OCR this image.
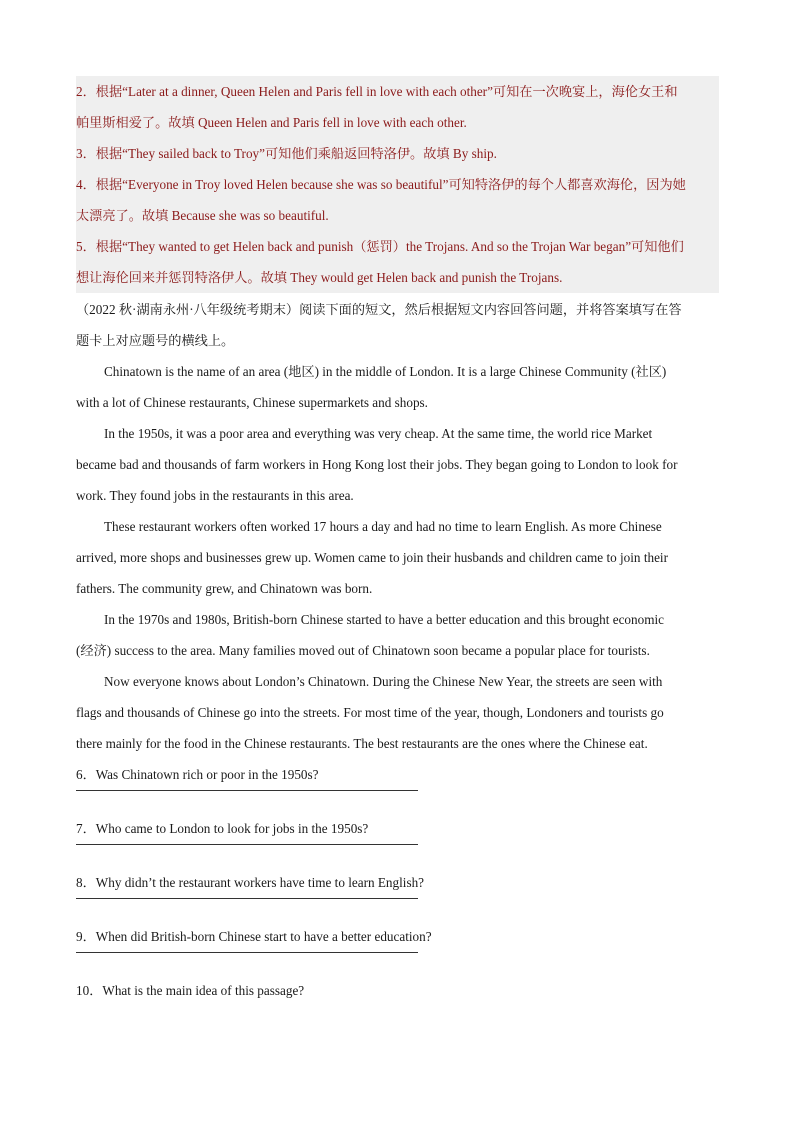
2．根据“Later at a dinner, Queen Helen and Paris fell in love with each other”可知在一次晚宴上，海伦女王和
帕里斯相爱了。故填 Queen Helen and Paris fell in love with each other.
3．根据“They sailed back to Troy”可知他们乘船返回特洛伊。故填 By ship.
4．根据“Everyone in Troy loved Helen because she was so beautiful”可知特洛伊的每个人都喜欢海伦，因为她
太漂亮了。故填 Because she was so beautiful.
5．根据“They wanted to get Helen back and punish（惩罚）the Trojans. And so the Trojan War began”可知他们
想让海伦回来并惩罚特洛伊人。故填 They would get Helen back and punish the Trojans.
（2022 秋·湖南永州·八年级统考期末）阅读下面的短文，然后根据短文内容回答问题，并将答案填写在答
题卡上对应题号的横线上。
Chinatown is the name of an area (地区) in the middle of London. It is a large Chinese Community (社区)
with a lot of Chinese restaurants, Chinese supermarkets and shops.
In the 1950s, it was a poor area and everything was very cheap. At the same time, the world rice Market
became bad and thousands of farm workers in Hong Kong lost their jobs. They began going to London to look for
work. They found jobs in the restaurants in this area.
These restaurant workers often worked 17 hours a day and had no time to learn English. As more Chinese
arrived, more shops and businesses grew up. Women came to join their husbands and children came to join their
fathers. The community grew, and Chinatown was born.
In the 1970s and 1980s, British-born Chinese started to have a better education and this brought economic
(经济) success to the area. Many families moved out of Chinatown soon became a popular place for tourists.
Now everyone knows about London’s Chinatown. During the Chinese New Year, the streets are seen with
flags and thousands of Chinese go into the streets. For most time of the year, though, Londoners and tourists go
there mainly for the food in the Chinese restaurants. The best restaurants are the ones where the Chinese eat.
6．Was Chinatown rich or poor in the 1950s?
7．Who came to London to look for jobs in the 1950s?
8．Why didn’t the restaurant workers have time to learn English?
9．When did British-born Chinese start to have a better education?
10．What is the main idea of this passage?
